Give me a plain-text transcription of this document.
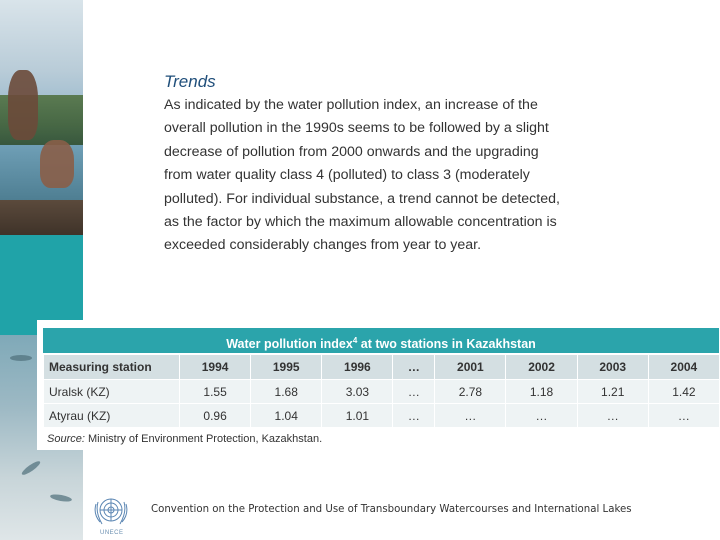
Trends

As indicated by the water pollution index, an increase of the overall pollution in the 1990s seems to be followed by a slight decrease of pollution from 2000 onwards and the upgrading from water quality class 4 (polluted) to class 3 (moderately polluted). For individual substance, a trend cannot be detected, as the factor by which the maximum allowable concentration is exceeded considerably changes from year to year.

Water pollution index$^4$ at two stations in Kazakhstan
Measuring station	1994	1995	1996	…	2001	2002	2003	2004
Uralsk (KZ)	1.55	1.68	3.03	…	2.78	1.18	1.21	1.42
Atyrau (KZ)	0.96	1.04	1.01	…	…	…	…	…

Source: Ministry of Environment Protection, Kazakhstan.

UNECE

Convention on the Protection and Use of Transboundary Watercourses and International Lakes
